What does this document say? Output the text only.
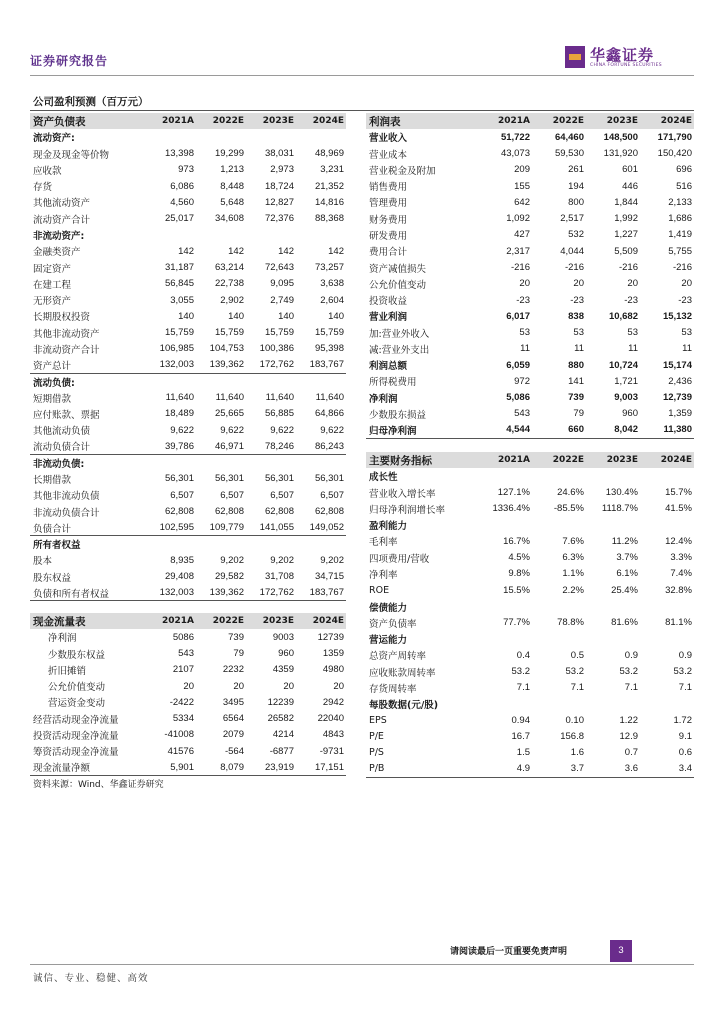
证券研究报告	华鑫证券
CHINA FORTUNE SECURITIES
公司盈利预测（百万元）
资产负债表	2021A	2022E	2023E	2024E
流动资产:				
现金及现金等价物	13,398	19,299	38,031	48,969
应收款	973	1,213	2,973	3,231
存货	6,086	8,448	18,724	21,352
其他流动资产	4,560	5,648	12,827	14,816
流动资产合计	25,017	34,608	72,376	88,368
非流动资产:				
金融类资产	142	142	142	142
固定资产	31,187	63,214	72,643	73,257
在建工程	56,845	22,738	9,095	3,638
无形资产	3,055	2,902	2,749	2,604
长期股权投资	140	140	140	140
其他非流动资产	15,759	15,759	15,759	15,759
非流动资产合计	106,985	104,753	100,386	95,398
资产总计	132,003	139,362	172,762	183,767
流动负债:				
短期借款	11,640	11,640	11,640	11,640
应付账款、票据	18,489	25,665	56,885	64,866
其他流动负债	9,622	9,622	9,622	9,622
流动负债合计	39,786	46,971	78,246	86,243
非流动负债:				
长期借款	56,301	56,301	56,301	56,301
其他非流动负债	6,507	6,507	6,507	6,507
非流动负债合计	62,808	62,808	62,808	62,808
负债合计	102,595	109,779	141,055	149,052
所有者权益				
股本	8,935	9,202	9,202	9,202
股东权益	29,408	29,582	31,708	34,715
负债和所有者权益	132,003	139,362	172,762	183,767
利润表	2021A	2022E	2023E	2024E
营业收入	51,722	64,460	148,500	171,790
营业成本	43,073	59,530	131,920	150,420
营业税金及附加	209	261	601	696
销售费用	155	194	446	516
管理费用	642	800	1,844	2,133
财务费用	1,092	2,517	1,992	1,686
研发费用	427	532	1,227	1,419
费用合计	2,317	4,044	5,509	5,755
资产减值损失	-216	-216	-216	-216
公允价值变动	20	20	20	20
投资收益	-23	-23	-23	-23
营业利润	6,017	838	10,682	15,132
加:营业外收入	53	53	53	53
减:营业外支出	11	11	11	11
利润总额	6,059	880	10,724	15,174
所得税费用	972	141	1,721	2,436
净利润	5,086	739	9,003	12,739
少数股东损益	543	79	960	1,359
归母净利润	4,544	660	8,042	11,380
主要财务指标	2021A	2022E	2023E	2024E
成长性				
营业收入增长率	127.1%	24.6%	130.4%	15.7%
归母净利润增长率	1336.4%	-85.5%	1118.7%	41.5%
盈利能力				
毛利率	16.7%	7.6%	11.2%	12.4%
四项费用/营收	4.5%	6.3%	3.7%	3.3%
净利率	9.8%	1.1%	6.1%	7.4%
ROE	15.5%	2.2%	25.4%	32.8%
偿债能力				
资产负债率	77.7%	78.8%	81.6%	81.1%
营运能力				
总资产周转率	0.4	0.5	0.9	0.9
应收账款周转率	53.2	53.2	53.2	53.2
存货周转率	7.1	7.1	7.1	7.1
每股数据(元/股)				
EPS	0.94	0.10	1.22	1.72
P/E	16.7	156.8	12.9	9.1
P/S	1.5	1.6	0.7	0.6
P/B	4.9	3.7	3.6	3.4
现金流量表	2021A	2022E	2023E	2024E
净利润	5086	739	9003	12739
少数股东权益	543	79	960	1359
折旧摊销	2107	2232	4359	4980
公允价值变动	20	20	20	20
营运资金变动	-2422	3495	12239	2942
经营活动现金净流量	5334	6564	26582	22040
投资活动现金净流量	-41008	2079	4214	4843
筹资活动现金净流量	41576	-564	-6877	-9731
现金流量净额	5,901	8,079	23,919	17,151
资料来源：Wind、华鑫证券研究
请阅读最后一页重要免责声明	3
诚信、专业、稳健、高效
